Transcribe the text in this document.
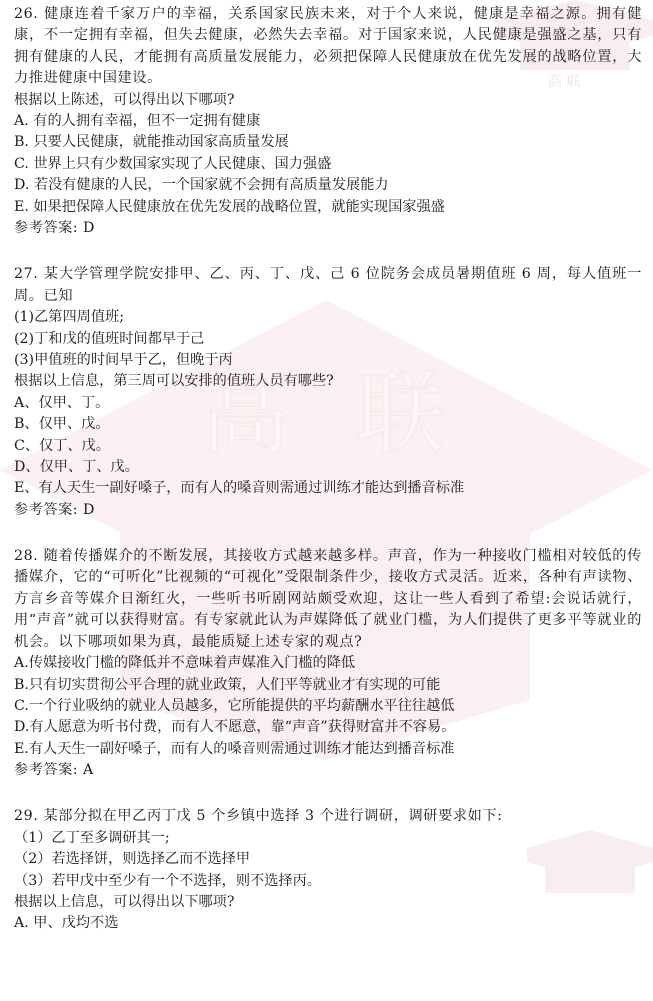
高 联
高 联
26. 健康连着千家万户的幸福，关系国家民族未来，对于个人来说，健康是幸福之源。拥有健康，不一定拥有幸福，但失去健康，必然失去幸福。对于国家来说，人民健康是强盛之基，只有拥有健康的人民，才能拥有高质量发展能力，必须把保障人民健康放在优先发展的战略位置，大力推进健康中国建设。
根据以上陈述，可以得出以下哪项?
A. 有的人拥有幸福，但不一定拥有健康
B. 只要人民健康，就能推动国家高质量发展
C. 世界上只有少数国家实现了人民健康、国力强盛
D. 若没有健康的人民，一个国家就不会拥有高质量发展能力
E. 如果把保障人民健康放在优先发展的战略位置，就能实现国家强盛
参考答案: D
27. 某大学管理学院安排甲、乙、丙、丁、戊、己 6 位院务会成员暑期值班 6 周，每人值班一周。已知
(1)乙第四周值班;
(2)丁和戊的值班时间都早于己
(3)甲值班的时间早于乙，但晚于丙
根据以上信息，第三周可以安排的值班人员有哪些?
A、仅甲、丁。
B、仅甲、戊。
C、仅丁、戊。
D、仅甲、丁、戊。
E、有人天生一副好嗓子，而有人的嗓音则需通过训练才能达到播音标准
参考答案: D
28. 随着传播媒介的不断发展，其接收方式越来越多样。声音，作为一种接收门槛相对较低的传播媒介，它的“可听化”比视频的“可视化”受限制条件少，接收方式灵活。近来，各种有声读物、方言乡音等媒介日渐红火，一些听书听剧网站颇受欢迎，这让一些人看到了希望:会说话就行，用“声音”就可以获得财富。有专家就此认为声媒降低了就业门槛，为人们提供了更多平等就业的机会。以下哪项如果为真，最能质疑上述专家的观点?
A.传媒接收门槛的降低并不意味着声媒准入门槛的降低
B.只有切实贯彻公平合理的就业政策，人们平等就业才有实现的可能
C.一个行业吸纳的就业人员越多，它所能提供的平均薪酬水平往往越低
D.有人愿意为听书付费，而有人不愿意，靠“声音”获得财富并不容易。
E.有人天生一副好嗓子，而有人的嗓音则需通过训练才能达到播音标准
参考答案: A
29. 某部分拟在甲乙丙丁戊 5 个乡镇中选择 3 个进行调研，调研要求如下:
（1）乙丁至多调研其一;
（2）若选择饼，则选择乙而不选择甲
（3）若甲戊中至少有一个不选择，则不选择丙。
根据以上信息，可以得出以下哪项?
A. 甲、戊均不选
